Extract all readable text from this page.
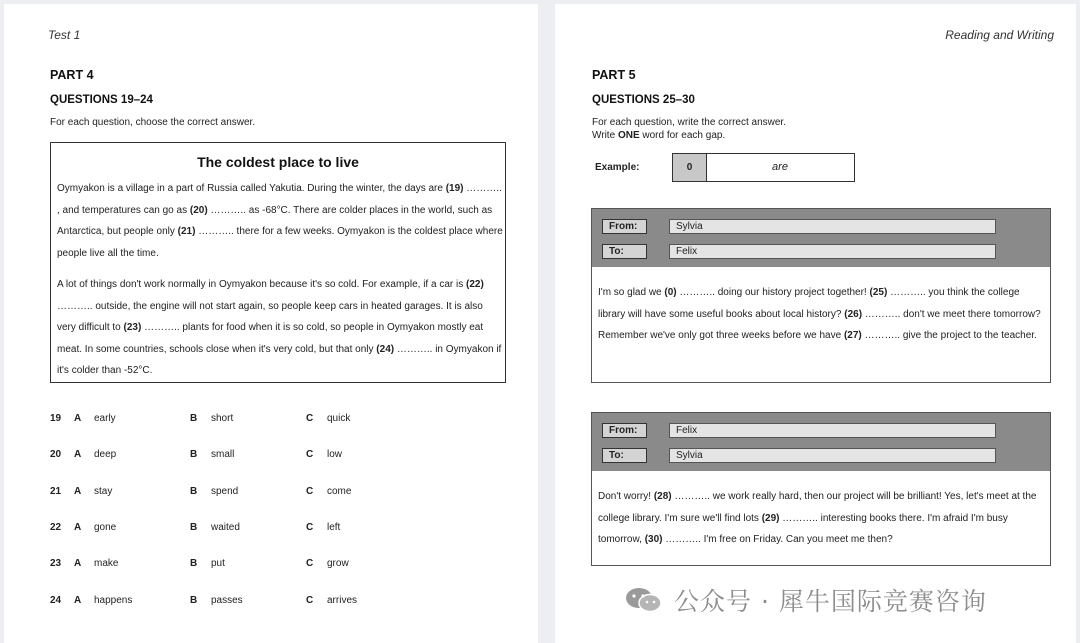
Test 1
PART 4
QUESTIONS 19–24
For each question, choose the correct answer.
The coldest place to live
Oymyakon is a village in a part of Russia called Yakutia. During the winter, the days are (19) ……….. , and temperatures can go as (20) ……….. as -68°C. There are colder places in the world, such as Antarctica, but people only (21) ……….. there for a few weeks. Oymyakon is the coldest place where people live all the time.
A lot of things don't work normally in Oymyakon because it's so cold. For example, if a car is (22) ……….. outside, the engine will not start again, so people keep cars in heated garages. It is also very difficult to (23) ……….. plants for food when it is so cold, so people in Oymyakon mostly eat meat. In some countries, schools close when it's very cold, but that only (24) ……….. in Oymyakon if it's colder than -52°C.
19 A early	B short	C quick
20 A deep	B small	C low
21 A stay	B spend	C come
22 A gone	B waited	C left
23 A make	B put	C grow
24 A happens	B passes	C arrives
Reading and Writing
PART 5
QUESTIONS 25–30
For each question, write the correct answer.
Write ONE word for each gap.
Example:	0	are
From:	Sylvia
To:	Felix
I'm so glad we (0) ……….. doing our history project together! (25) ……….. you think the college library will have some useful books about local history? (26) ……….. don't we meet there tomorrow? Remember we've only got three weeks before we have (27) ……….. give the project to the teacher.
From:	Felix
To:	Sylvia
Don't worry! (28) ……….. we work really hard, then our project will be brilliant! Yes, let's meet at the college library. I'm sure we'll find lots (29) ……….. interesting books there. I'm afraid I'm busy tomorrow, (30) ……….. I'm free on Friday. Can you meet me then?
公众号 · 犀牛国际竞赛咨询
